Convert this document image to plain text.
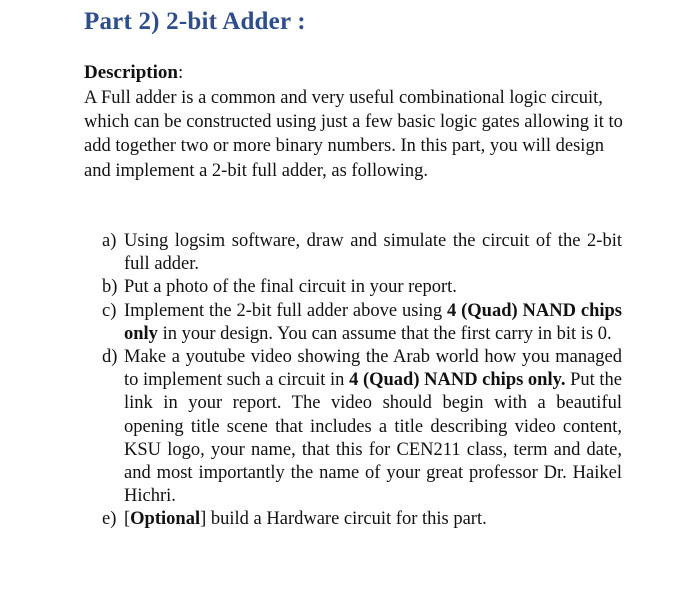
Part 2) 2-bit Adder :
Description:
A Full adder is a common and very useful combinational logic circuit, which can be constructed using just a few basic logic gates allowing it to add together two or more binary numbers. In this part, you will design and implement a 2-bit full adder, as following.
a) Using logsim software, draw and simulate the circuit of the 2-bit full adder.
b) Put a photo of the final circuit in your report.
c) Implement the 2-bit full adder above using 4 (Quad) NAND chips only in your design. You can assume that the first carry in bit is 0.
d) Make a youtube video showing the Arab world how you managed to implement such a circuit in 4 (Quad) NAND chips only. Put the link in your report. The video should begin with a beautiful opening title scene that includes a title describing video content, KSU logo, your name, that this for CEN211 class, term and date, and most importantly the name of your great professor Dr. Haikel Hichri.
e) [Optional] build a Hardware circuit for this part.
